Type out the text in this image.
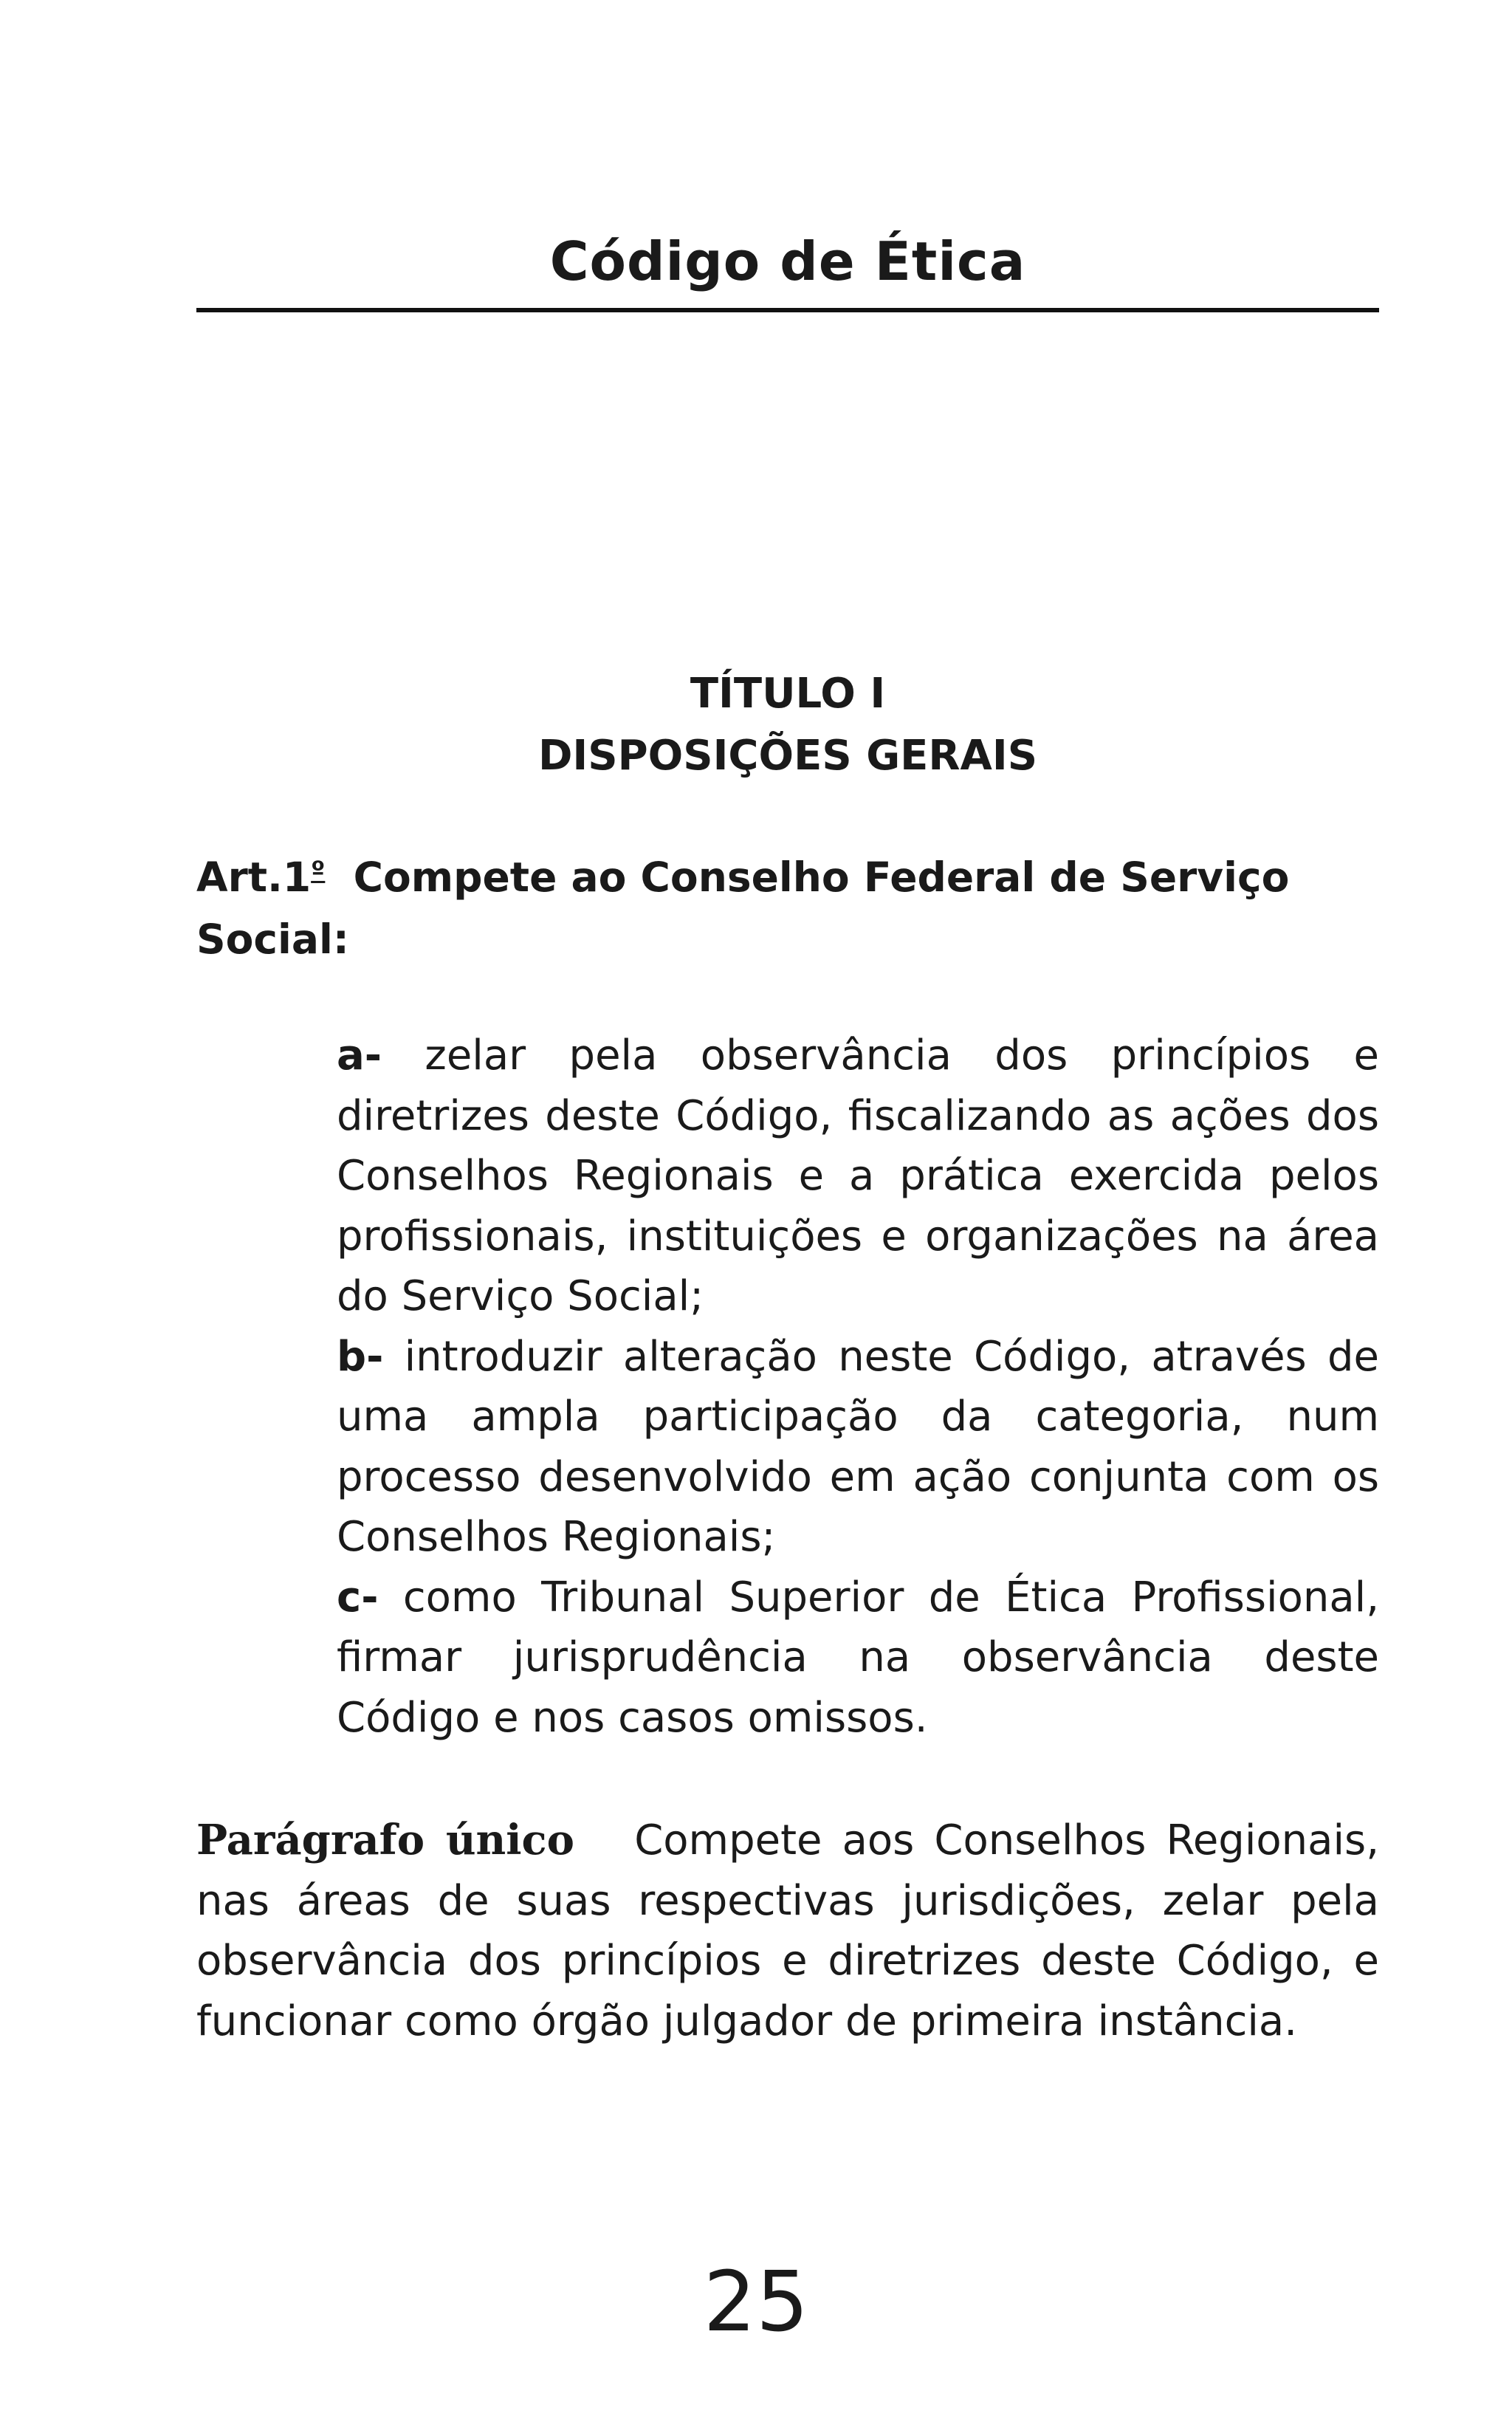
Código de Ética
TÍTULO I
DISPOSIÇÕES GERAIS
$Art.1^º$ Compete ao Conselho Federal de Serviço Social:

a- zelar pela observância dos princípios e diretrizes deste Código, fiscalizando as ações dos Conselhos Regionais e a prática exercida pelos profissionais, instituições e organizações na área do Serviço Social;

b- introduzir alteração neste Código, através de uma ampla participação da categoria, num processo desenvolvido em ação conjunta com os Conselhos Regionais;

c- como Tribunal Superior de Ética Profissional, firmar jurisprudência na observância deste Código e nos casos omissos.

Parágrafo único Compete aos Conselhos Regionais, nas áreas de suas respectivas jurisdições, zelar pela observância dos princípios e diretrizes deste Código, e funcionar como órgão julgador de primeira instância.
25
